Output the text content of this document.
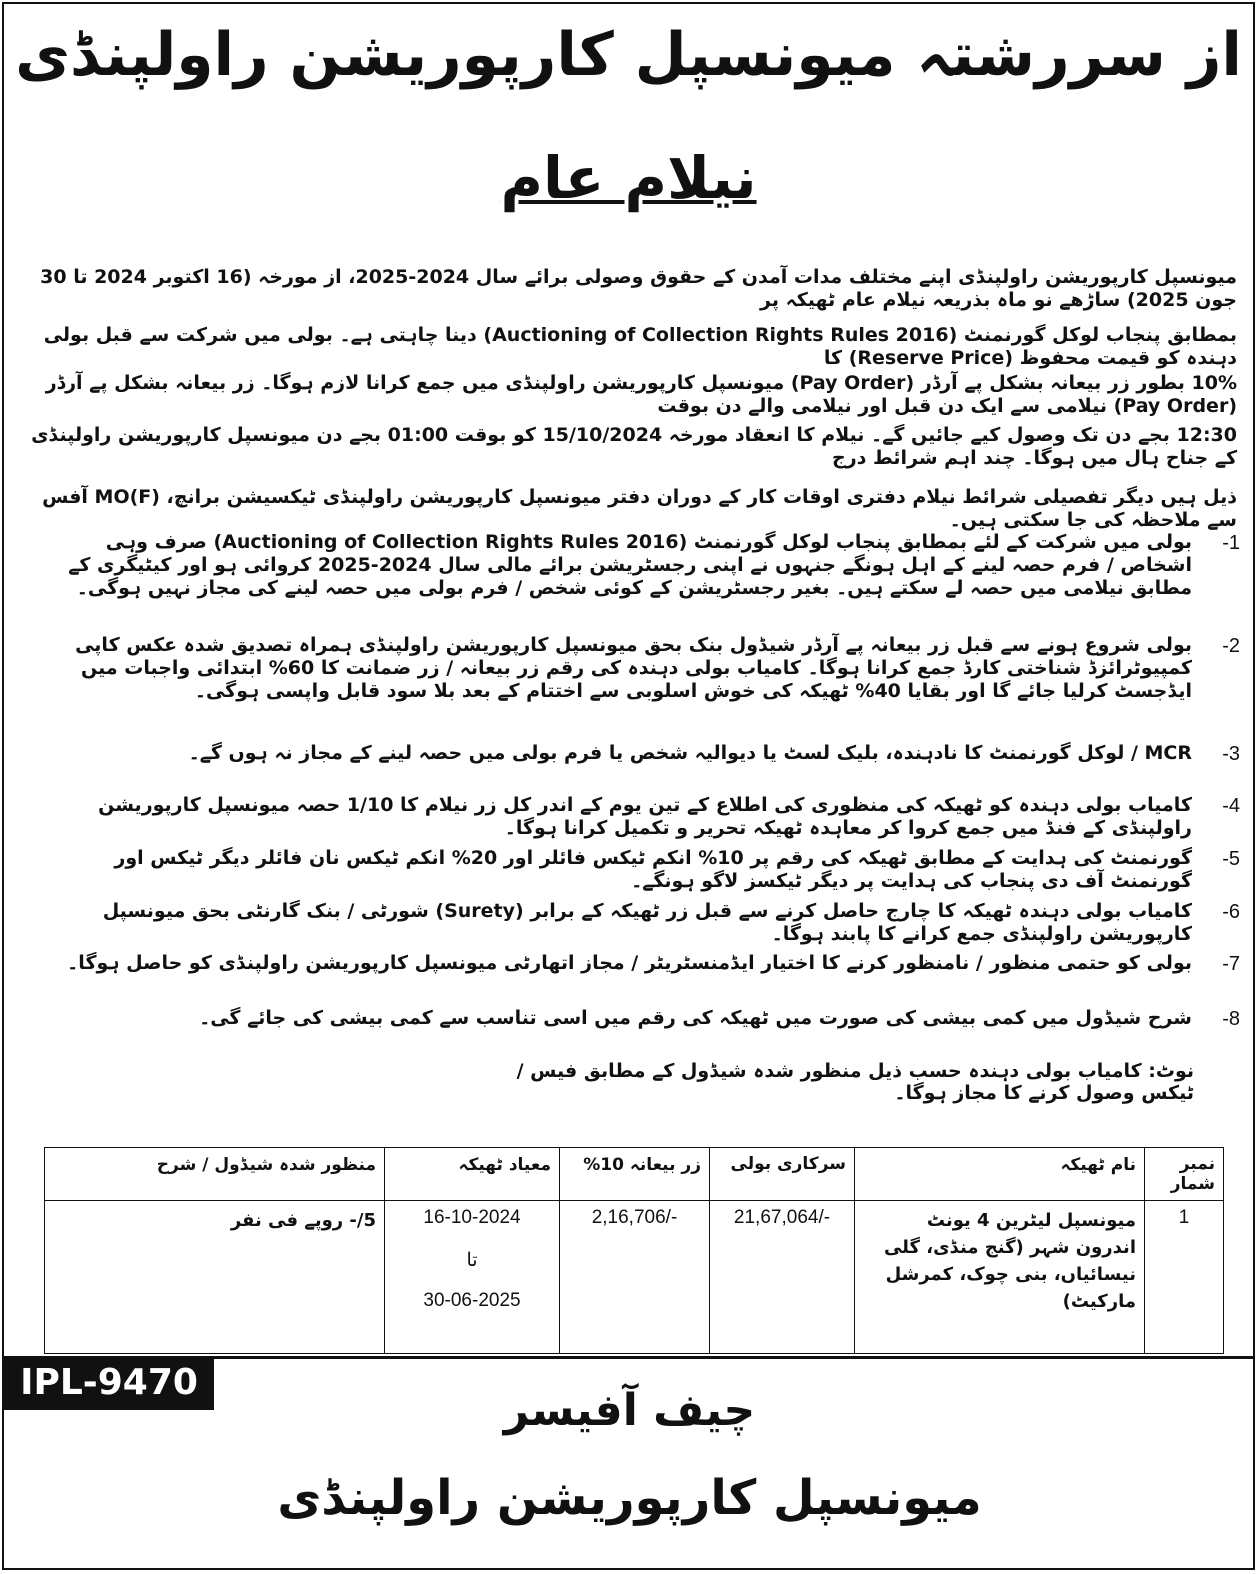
از سررشتہ میونسپل کارپوریشن راولپنڈی
نیلام عام
میونسپل کارپوریشن راولپنڈی اپنے مختلف مدات آمدن کے حقوق وصولی برائے سال 2024-2025، از مورخہ (16 اکتوبر 2024 تا 30 جون 2025) ساڑھے نو ماہ بذریعہ نیلام عام ٹھیکہ پر
بمطابق پنجاب لوکل گورنمنٹ (Auctioning of Collection Rights Rules 2016) دینا چاہتی ہے۔ بولی میں شرکت سے قبل بولی دہندہ کو قیمت محفوظ (Reserve Price) کا
10% بطور زر بیعانہ بشکل پے آرڈر (Pay Order) میونسپل کارپوریشن راولپنڈی میں جمع کرانا لازم ہوگا۔ زر بیعانہ بشکل پے آرڈر (Pay Order) نیلامی سے ایک دن قبل اور نیلامی والے دن بوقت
12:30 بجے دن تک وصول کیے جائیں گے۔ نیلام کا انعقاد مورخہ 15/10/2024 کو بوقت 01:00 بجے دن میونسپل کارپوریشن راولپنڈی کے جناح ہال میں ہوگا۔ چند اہم شرائط درج
ذیل ہیں دیگر تفصیلی شرائط نیلام دفتری اوقات کار کے دوران دفتر میونسپل کارپوریشن راولپنڈی ٹیکسیشن برانچ، MO(F) آفس سے ملاحظہ کی جا سکتی ہیں۔
1-
بولی میں شرکت کے لئے بمطابق پنجاب لوکل گورنمنٹ (Auctioning of Collection Rights Rules 2016) صرف وہی اشخاص / فرم حصہ لینے کے اہل ہونگے جنہوں نے اپنی رجسٹریشن برائے مالی سال 2024-2025 کروائی ہو اور کیٹیگری کے مطابق نیلامی میں حصہ لے سکتے ہیں۔ بغیر رجسٹریشن کے کوئی شخص / فرم بولی میں حصہ لینے کی مجاز نہیں ہوگی۔
2-
بولی شروع ہونے سے قبل زر بیعانہ پے آرڈر شیڈول بنک بحق میونسپل کارپوریشن راولپنڈی ہمراہ تصدیق شدہ عکس کاپی کمپیوٹرائزڈ شناختی کارڈ جمع کرانا ہوگا۔ کامیاب بولی دہندہ کی رقم زر بیعانہ / زر ضمانت کا 60% ابتدائی واجبات میں ایڈجسٹ کرلیا جائے گا اور بقایا 40% ٹھیکہ کی خوش اسلوبی سے اختتام کے بعد بلا سود قابل واپسی ہوگی۔
3-
MCR / لوکل گورنمنٹ کا نادہندہ، بلیک لسٹ یا دیوالیہ شخص یا فرم بولی میں حصہ لینے کے مجاز نہ ہوں گے۔
4-
کامیاب بولی دہندہ کو ٹھیکہ کی منظوری کی اطلاع کے تین یوم کے اندر کل زر نیلام کا 1/10 حصہ میونسپل کارپوریشن راولپنڈی کے فنڈ میں جمع کروا کر معاہدہ ٹھیکہ تحریر و تکمیل کرانا ہوگا۔
5-
گورنمنٹ کی ہدایت کے مطابق ٹھیکہ کی رقم پر 10% انکم ٹیکس فائلر اور 20% انکم ٹیکس نان فائلر دیگر ٹیکس اور گورنمنٹ آف دی پنجاب کی ہدایت پر دیگر ٹیکسز لاگو ہونگے۔
6-
کامیاب بولی دہندہ ٹھیکہ کا چارج حاصل کرنے سے قبل زر ٹھیکہ کے برابر (Surety) شورٹی / بنک گارنٹی بحق میونسپل کارپوریشن راولپنڈی جمع کرانے کا پابند ہوگا۔
7-
بولی کو حتمی منظور / نامنظور کرنے کا اختیار ایڈمنسٹریٹر / مجاز اتھارٹی میونسپل کارپوریشن راولپنڈی کو حاصل ہوگا۔
8-
شرح شیڈول میں کمی بیشی کی صورت میں ٹھیکہ کی رقم میں اسی تناسب سے کمی بیشی کی جائے گی۔
نوٹ: کامیاب بولی دہندہ حسب ذیل منظور شدہ شیڈول کے مطابق فیس / ٹیکس وصول کرنے کا مجاز ہوگا۔
منظور شدہ شیڈول / شرح	معیاد ٹھیکہ	زر بیعانہ 10%	سرکاری بولی	نام ٹھیکہ	نمبر شمار
5/- روپے فی نفر	16-10-2024
تا
30-06-2025	2,16,706/-	21,67,064/-	میونسپل لیٹرین 4 یونٹ اندرون شہر (گنج منڈی، گلی نیسائیاں، بنی چوک، کمرشل مارکیٹ)	1
IPL-9470
چیف آفیسر
میونسپل کارپوریشن راولپنڈی
